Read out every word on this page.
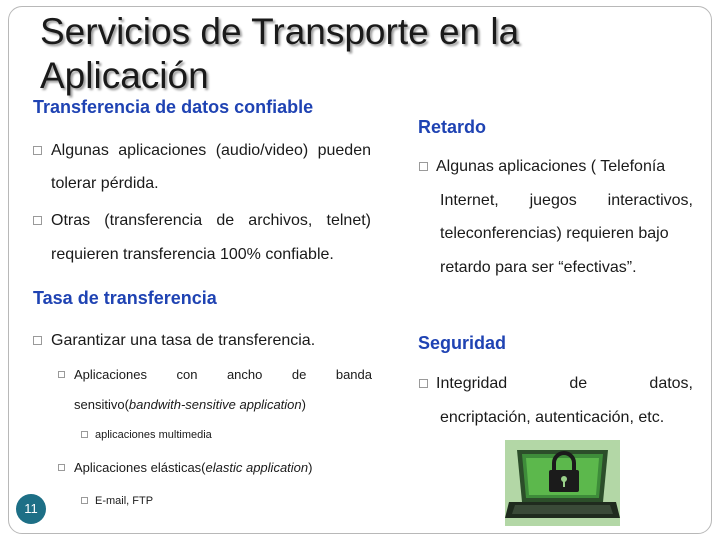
Servicios de Transporte en la
Aplicación
Transferencia de datos confiable
Algunas aplicaciones (audio/video) pueden
tolerar pérdida.
Otras (transferencia de archivos, telnet)
requieren transferencia 100% confiable.
Tasa de transferencia
Garantizar una tasa de transferencia.
Aplicaciones con ancho de banda
sensitivo(bandwith-sensitive application)
aplicaciones multimedia
Aplicaciones elásticas(elastic application)
E-mail, FTP
Retardo
Algunas aplicaciones ( Telefonía
Internet, juegos interactivos,
teleconferencias) requieren bajo
retardo para ser “efectivas”.
Seguridad
Integridad de datos,
encriptación, autenticación, etc.
11
